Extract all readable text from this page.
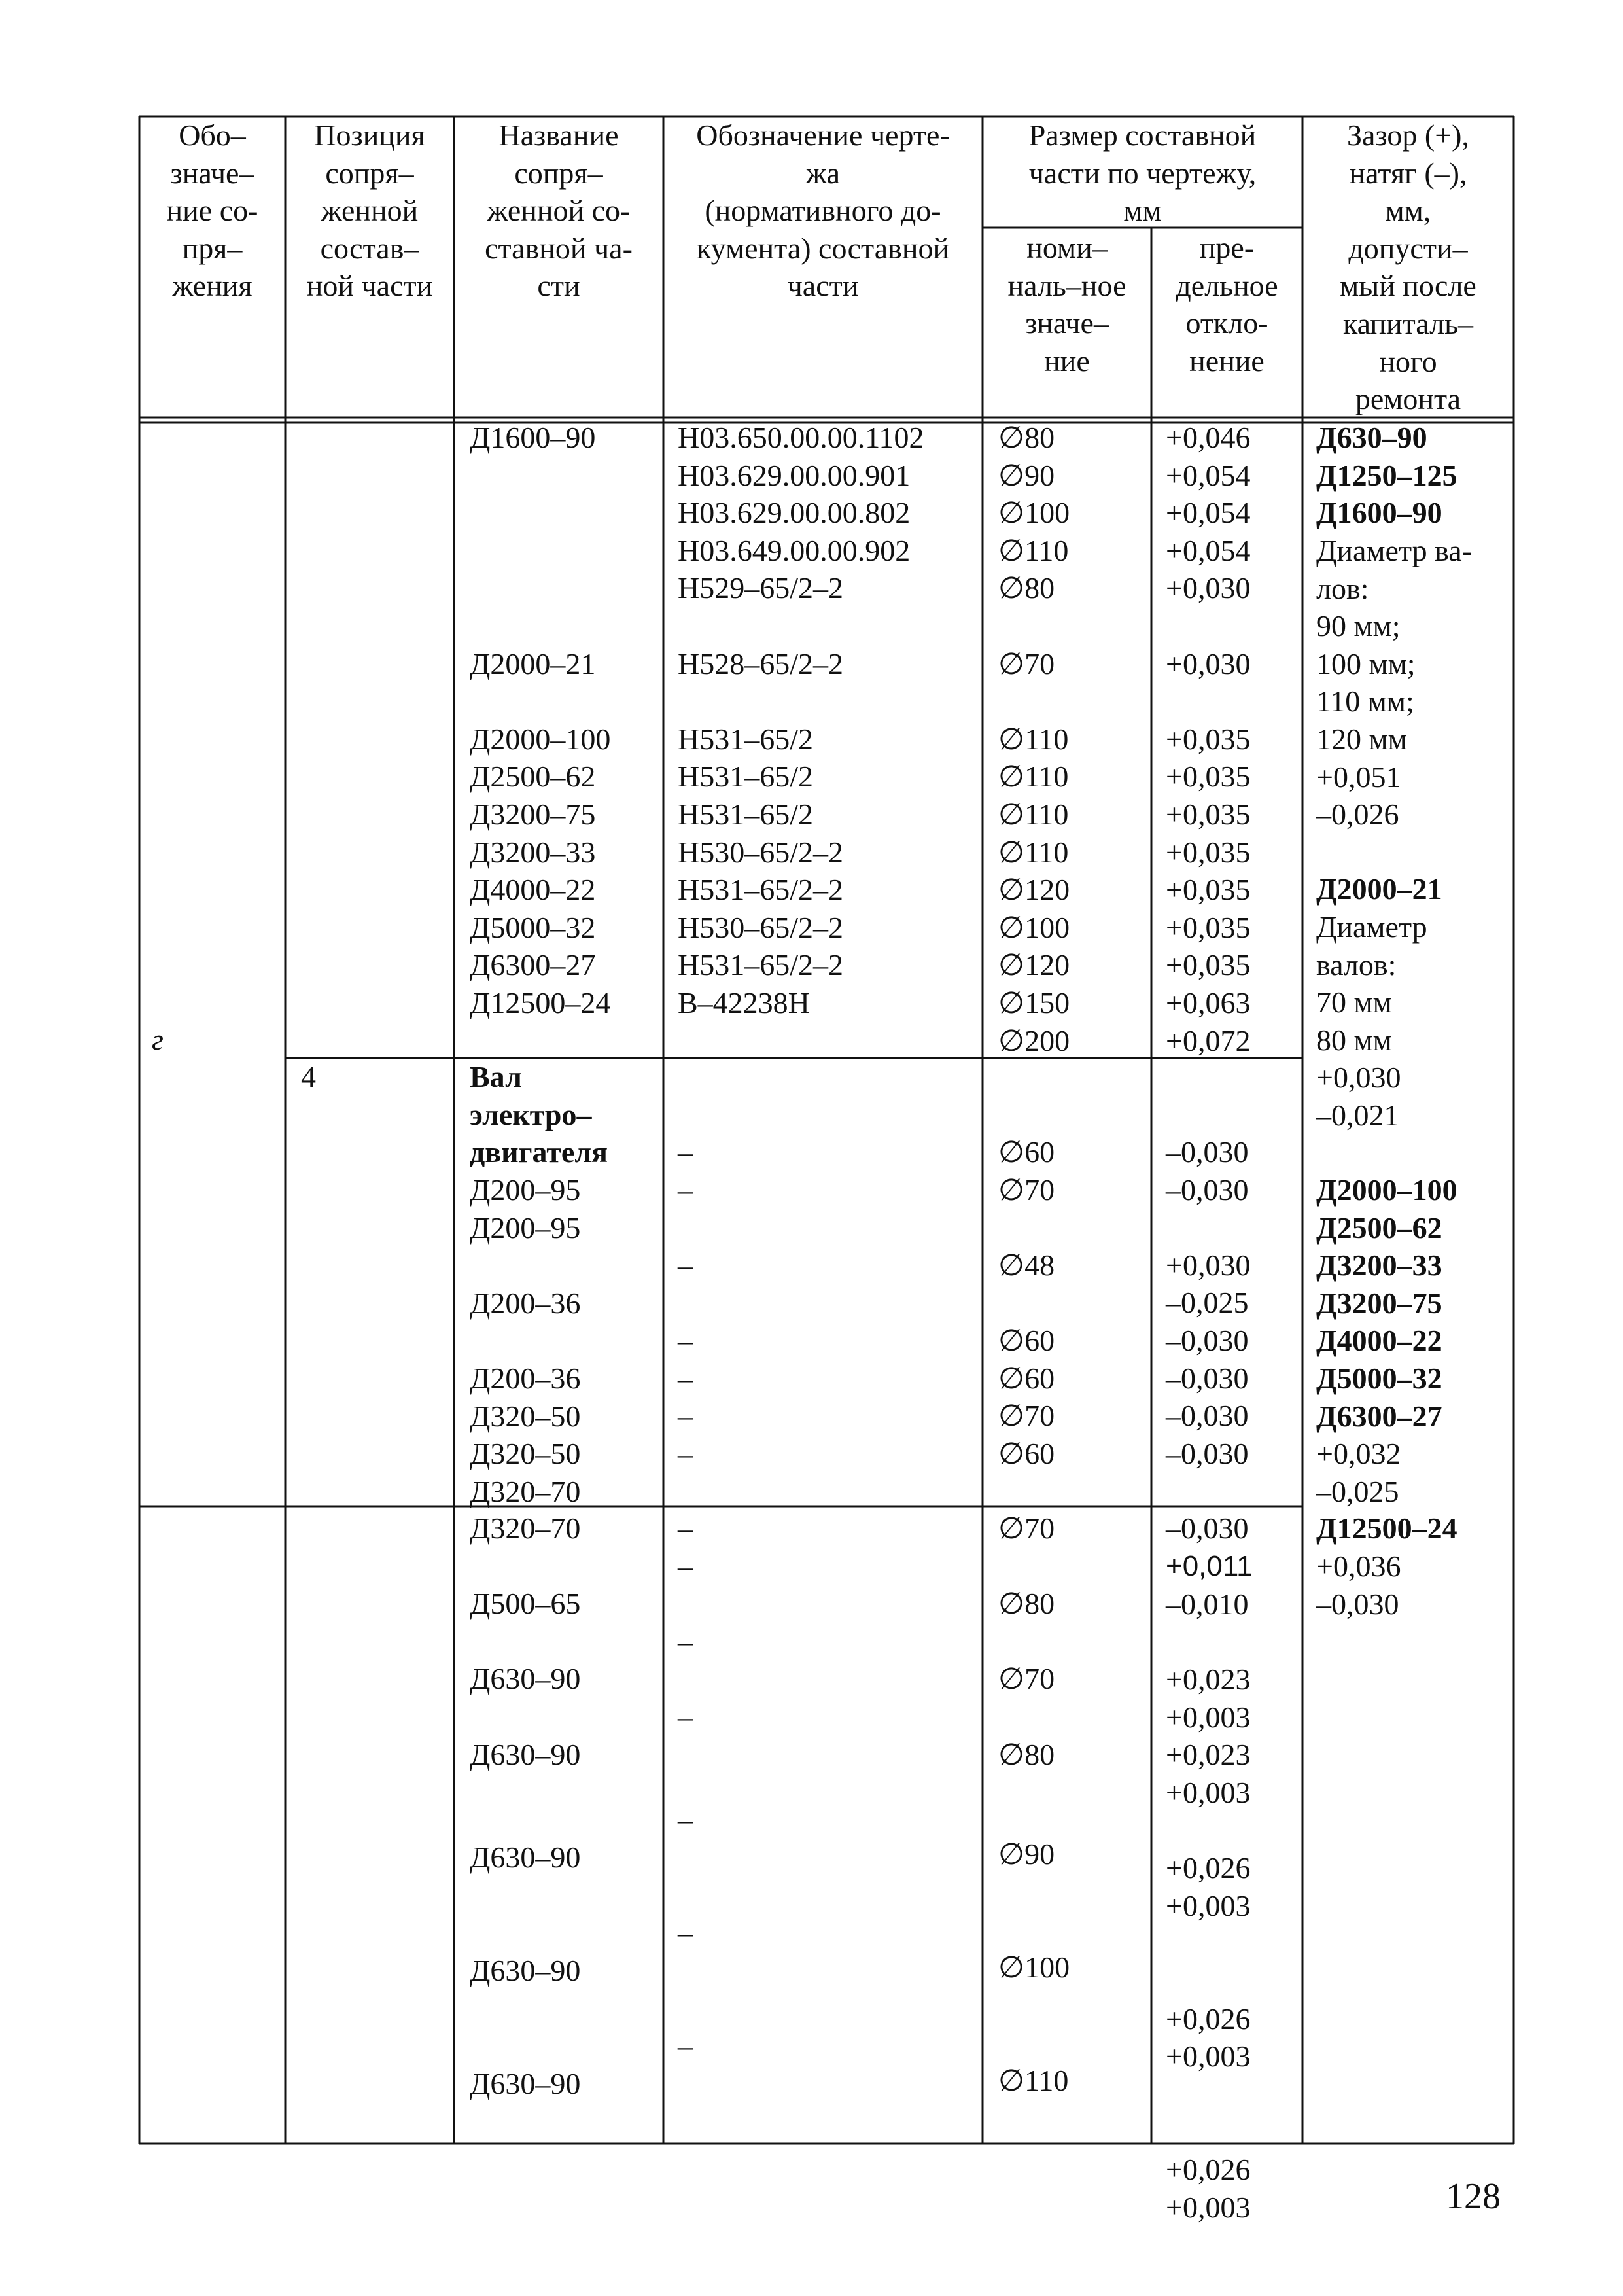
Обо–
значе–
ние со-
пря–
жения
Позиция
сопря–
женной
состав–
ной части
Название
сопря–
женной со-
ставной ча-
сти
Обозначение черте-
жа
(нормативного до-
кумента) составной
части
Размер составной
части по чертежу,
мм
номи–
наль–ное
значе–
ние
пре-
дельное
откло-
нение
Зазор (+),
натяг (–),
мм,
допусти–
мый после
капиталь–
ного
ремонта
г
Д1600–90

Д2000–21

Д2000–100
Д2500–62
Д3200–75
Д3200–33
Д4000–22
Д5000–32
Д6300–27
Д12500–24
Н03.650.00.00.1102
Н03.629.00.00.901
Н03.629.00.00.802
Н03.649.00.00.902
Н529–65/2–2

Н528–65/2–2

Н531–65/2
Н531–65/2
Н531–65/2
Н530–65/2–2
Н531–65/2–2
Н530–65/2–2
Н531–65/2–2
В–42238Н
∅80
∅90
∅100
∅110
∅80

∅70

∅110
∅110
∅110
∅110
∅120
∅100
∅120
∅150
∅200
+0,046
+0,054
+0,054
+0,054
+0,030

+0,030

+0,035
+0,035
+0,035
+0,035
+0,035
+0,035
+0,035
+0,063
+0,072
4	Вал
электро–
двигателя
Д200–95
Д200–95

Д200–36

Д200–36
Д320–50
Д320–50
Д320–70
–
–

–

–
–
–
–
∅60
∅70

∅48

∅60
∅60
∅70
∅60
–0,030
–0,030

+0,030
–0,025
–0,030
–0,030
–0,030
–0,030
Д630–90
Д1250–125
Д1600–90
Диаметр ва-
лов:
90 мм;
100 мм;
110 мм;
120 мм
+0,051
–0,026
Д2000–21
Диаметр
валов:
70 мм
80 мм
+0,030
–0,021
Д2000–100
Д2500–62
Д3200–33
Д3200–75
Д4000–22
Д5000–32
Д6300–27
+0,032
–0,025
Д12500–24
+0,036
–0,030
Д320–70

Д500–65

Д630–90

Д630–90
Д630–90

Д630–90

Д630–90
–
–

–

–
–

–

–
∅70

∅80

∅70

∅80
∅90

∅100

∅110
–0,030
+0,011
–0,010

+0,023
+0,003
+0,023
+0,003

+0,026
+0,003

+0,026
+0,003

+0,026
+0,003	128
